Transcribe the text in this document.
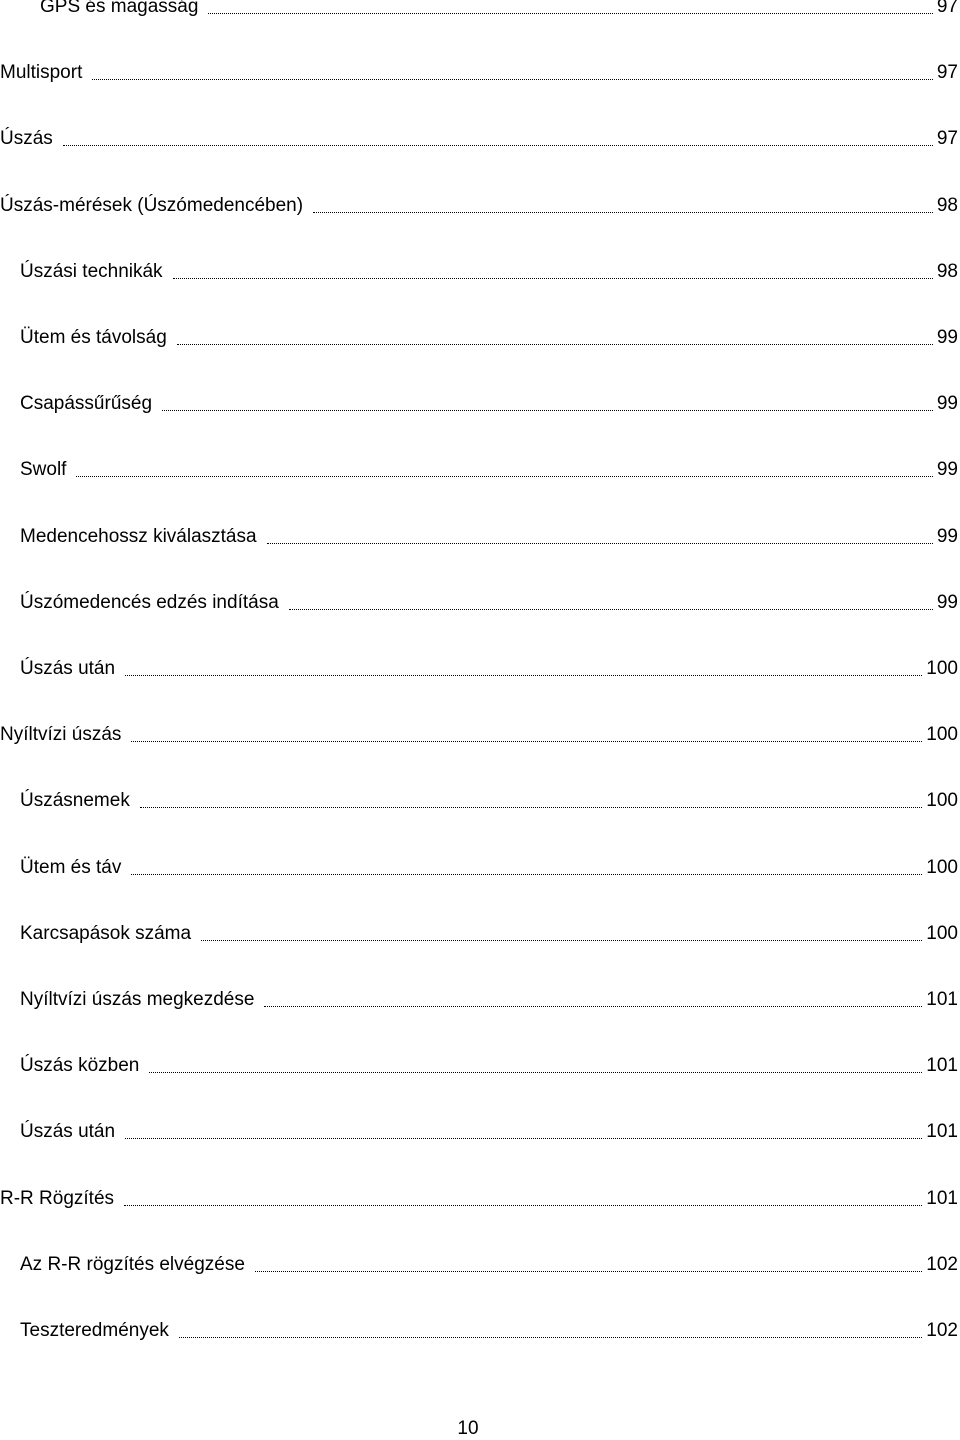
GPS és magasság	97
Multisport	97
Úszás	97
Úszás-mérések (Úszómedencében)	98
Úszási technikák	98
Ütem és távolság	99
Csapássűrűség	99
Swolf	99
Medencehossz kiválasztása	99
Úszómedencés edzés indítása	99
Úszás után	100
Nyíltvízi úszás	100
Úszásnemek	100
Ütem és táv	100
Karcsapások száma	100
Nyíltvízi úszás megkezdése	101
Úszás közben	101
Úszás után	101
R-R Rögzítés	101
Az R-R rögzítés elvégzése	102
Teszteredmények	102
10
